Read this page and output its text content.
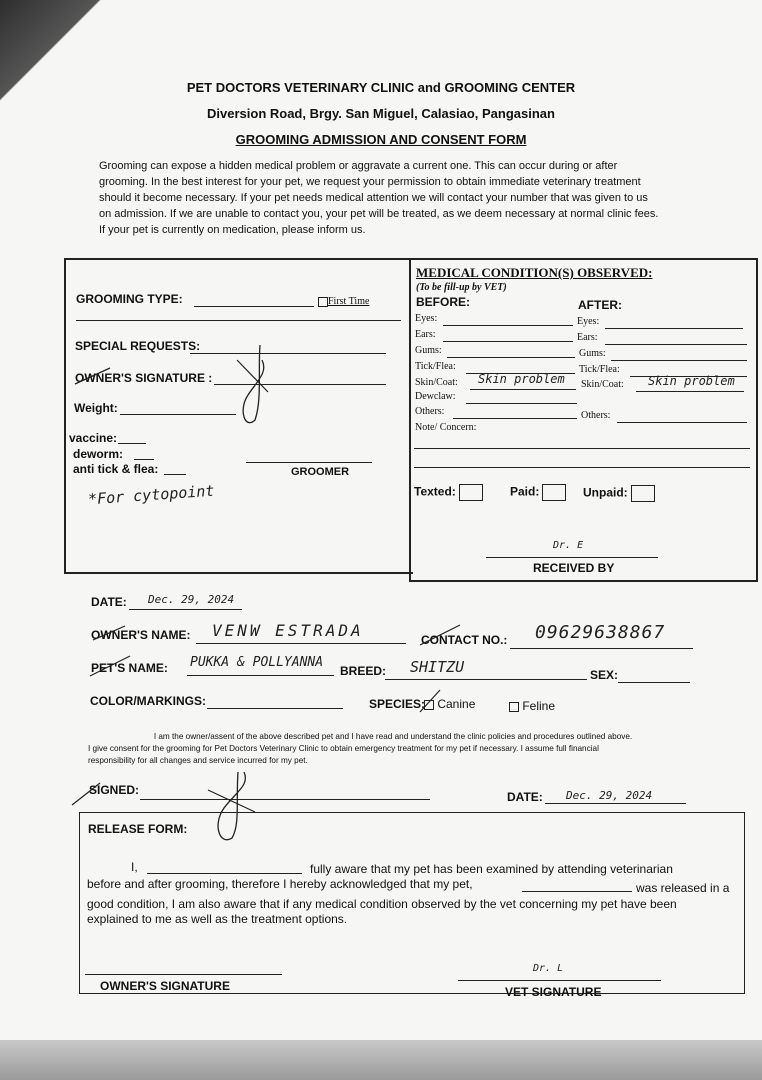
PET DOCTORS VETERINARY CLINIC and GROOMING CENTER
Diversion Road, Brgy. San Miguel, Calasiao, Pangasinan
GROOMING ADMISSION AND CONSENT FORM
Grooming can expose a hidden medical problem or aggravate a current one. This can occur during or after
grooming. In the best interest for your pet, we request your permission to obtain immediate veterinary treatment
should it become necessary. If your pet needs medical attention we will contact your number that was given to us
on admission. If we are unable to contact you, your pet will be treated, as we deem necessary at normal clinic fees.
If your pet is currently on medication, please inform us.
GROOMING TYPE:	First Time
SPECIAL REQUESTS:
OWNER'S SIGNATURE :
Weight:
vaccine:
deworm:
anti tick & flea:	GROOMER
*For cytopoint
MEDICAL CONDITION(S) OBSERVED:
(To be fill-up by VET)
BEFORE:	AFTER:
Eyes:	Eyes:
Ears:	Ears:
Gums:	Gums:
Tick/Flea:	Tick/Flea:
Skin/Coat: Skin problem Skin/Coat: Skin problem
Dewclaw:
Others:	Others:
Note/ Concern:
Texted:	Paid:	Unpaid:
Dr. E
RECEIVED BY
DATE: Dec. 29, 2024
OWNER'S NAME: VENW ESTRADA	CONTACT NO.: 09629638867
PET'S NAME: PUKKA & POLLYANNA
BREED: SHITZU	SEX:
COLOR/MARKINGS:	SPECIES:	Canine	Feline
I am the owner/assent of the above described pet and I have read and understand the clinic policies and procedures outlined above.
I give consent for the grooming for Pet Doctors Veterinary Clinic to obtain emergency treatment for my pet if necessary. I assume full financial
responsibility for all changes and service incurred for my pet.
SIGNED:	DATE: Dec. 29, 2024
RELEASE FORM:
I,	fully aware that my pet has been examined by attending veterinarian
before and after grooming, therefore I hereby acknowledged that my pet,	was released in a
good condition, I am also aware that if any medical condition observed by the vet concerning my pet have been
explained to me as well as the treatment options.
OWNER'S SIGNATURE
Dr. L
VET SIGNATURE
